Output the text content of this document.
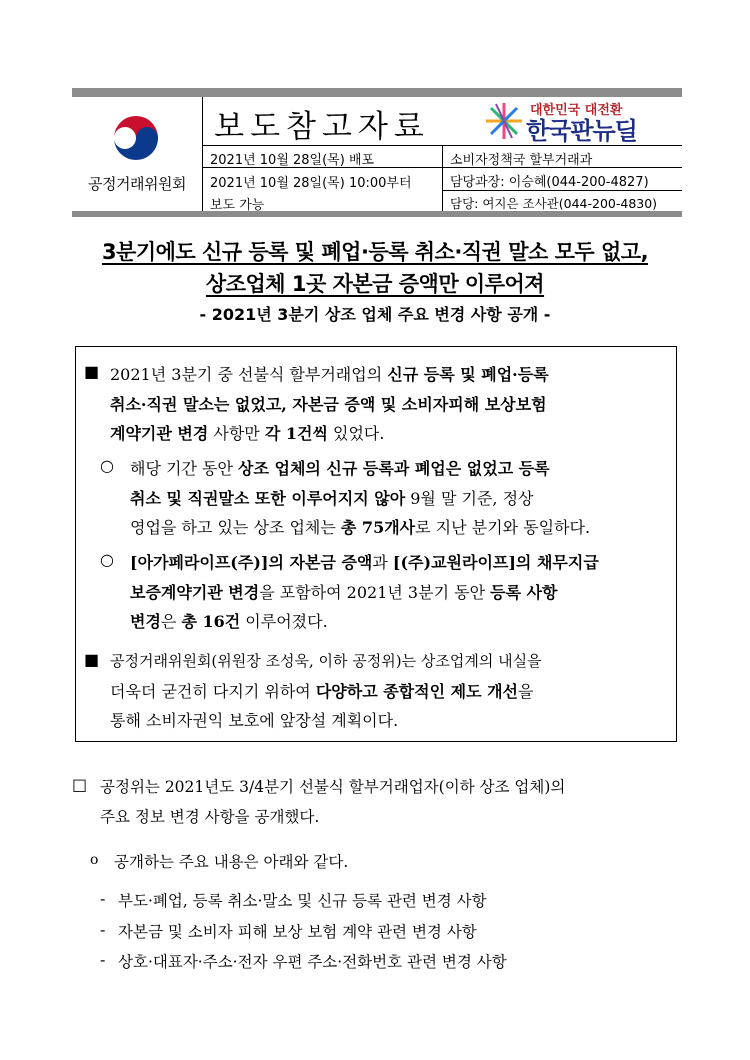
공정거래위원회
보도참고자료	대한민국 대전환
한국판뉴딜
2021년 10월 28일(목) 배포
2021년 10월 28일(목) 10:00부터
보도 가능
소비자정책국 할부거래과
담당과장: 이승혜(044-200-4827)
담당: 여지은 조사관(044-200-4830)
3분기에도 신규 등록 및 폐업·등록 취소·직권 말소 모두 없고,
상조업체 1곳 자본금 증액만 이루어져
- 2021년 3분기 상조 업체 주요 변경 사항 공개 -
■ 2021년 3분기 중 선불식 할부거래업의 신규 등록 및 폐업·등록
취소·직권 말소는 없었고, 자본금 증액 및 소비자피해 보상보험
계약기관 변경 사항만 각 1건씩 있었다.
○ 해당 기간 동안 상조 업체의 신규 등록과 폐업은 없었고 등록
취소 및 직권말소 또한 이루어지지 않아 9월 말 기준, 정상
영업을 하고 있는 상조 업체는 총 75개사로 지난 분기와 동일하다.
○ [아가페라이프(주)]의 자본금 증액과 [(주)교원라이프]의 채무지급
보증계약기관 변경을 포함하여 2021년 3분기 동안 등록 사항
변경은 총 16건 이루어졌다.
■ 공정거래위원회(위원장 조성욱, 이하 공정위)는 상조업계의 내실을
더욱더 굳건히 다지기 위하여 다양하고 종합적인 제도 개선을
통해 소비자권익 보호에 앞장설 계획이다.
□ 공정위는 2021년도 3/4분기 선불식 할부거래업자(이하 상조 업체)의
주요 정보 변경 사항을 공개했다.
o 공개하는 주요 내용은 아래와 같다.
- 부도·폐업, 등록 취소·말소 및 신규 등록 관련 변경 사항
- 자본금 및 소비자 피해 보상 보험 계약 관련 변경 사항
- 상호·대표자·주소·전자 우편 주소·전화번호 관련 변경 사항
